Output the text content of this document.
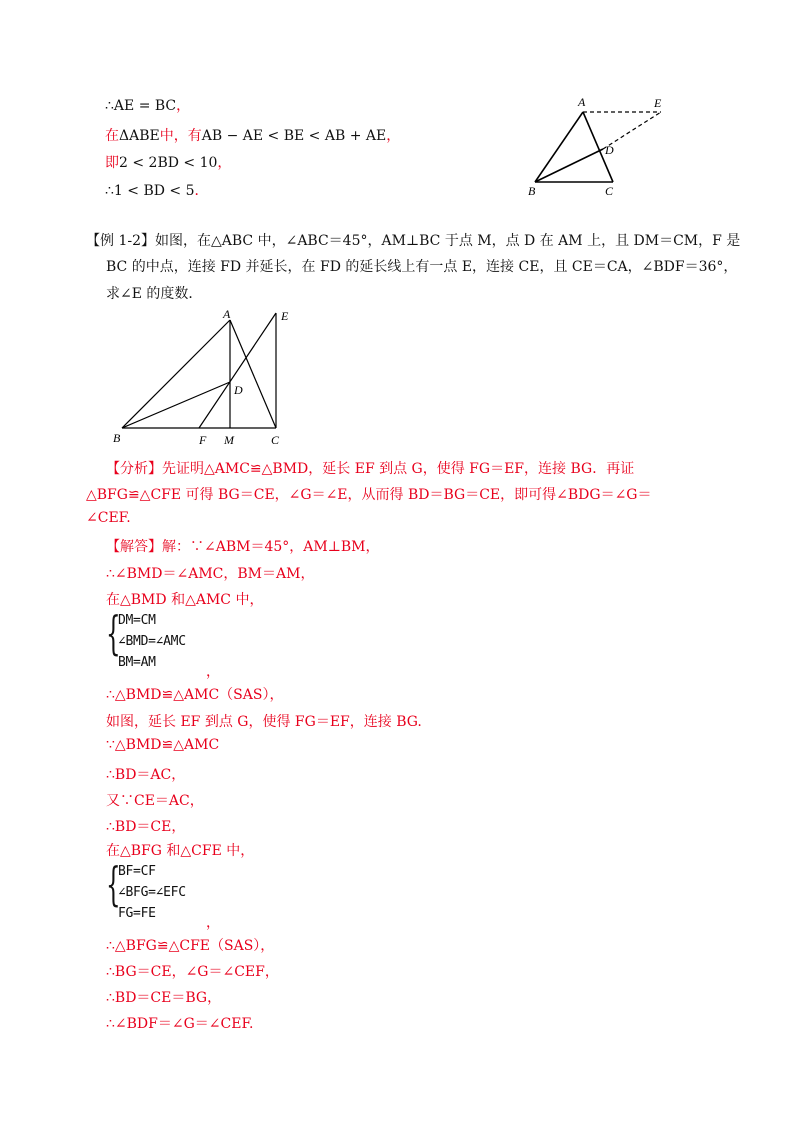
∴AE = BC，
在ΔABE中，有AB − AE < BE < AB + AE，
即2 < 2BD < 10，
∴1 < BD < 5．
A	E
D
B	C
【例 1-2】如图，在△ABC 中，∠ABC＝45°，AM⊥BC 于点 M，点 D 在 AM 上，且 DM＝CM，F 是
BC 的中点，连接 FD 并延长，在 FD 的延长线上有一点 E，连接 CE，且 CE＝CA，∠BDF＝36°，
求∠E 的度数．
A	E
D
B	F M	C
【分析】先证明△AMC≌△BMD，延长 EF 到点 G，使得 FG＝EF，连接 BG．再证
△BFG≌△CFE 可得 BG＝CE，∠G＝∠E，从而得 BD＝BG＝CE，即可得∠BDG＝∠G＝
∠CEF.
【解答】解：∵∠ABM＝45°，AM⊥BM，
∴∠BMD＝∠AMC，BM＝AM，
在△BMD 和△AMC 中，
{
DM=CM
∠BMD=∠AMC
BM=AM
，
∴△BMD≌△AMC（SAS），
如图，延长 EF 到点 G，使得 FG＝EF，连接 BG.
∵△BMD≌△AMC
∴BD＝AC，
又∵CE＝AC，
∴BD＝CE，
在△BFG 和△CFE 中，
{
BF=CF
∠BFG=∠EFC
FG=FE
，
∴△BFG≌△CFE（SAS），
∴BG＝CE，∠G＝∠CEF，
∴BD＝CE＝BG，
∴∠BDF＝∠G＝∠CEF.
